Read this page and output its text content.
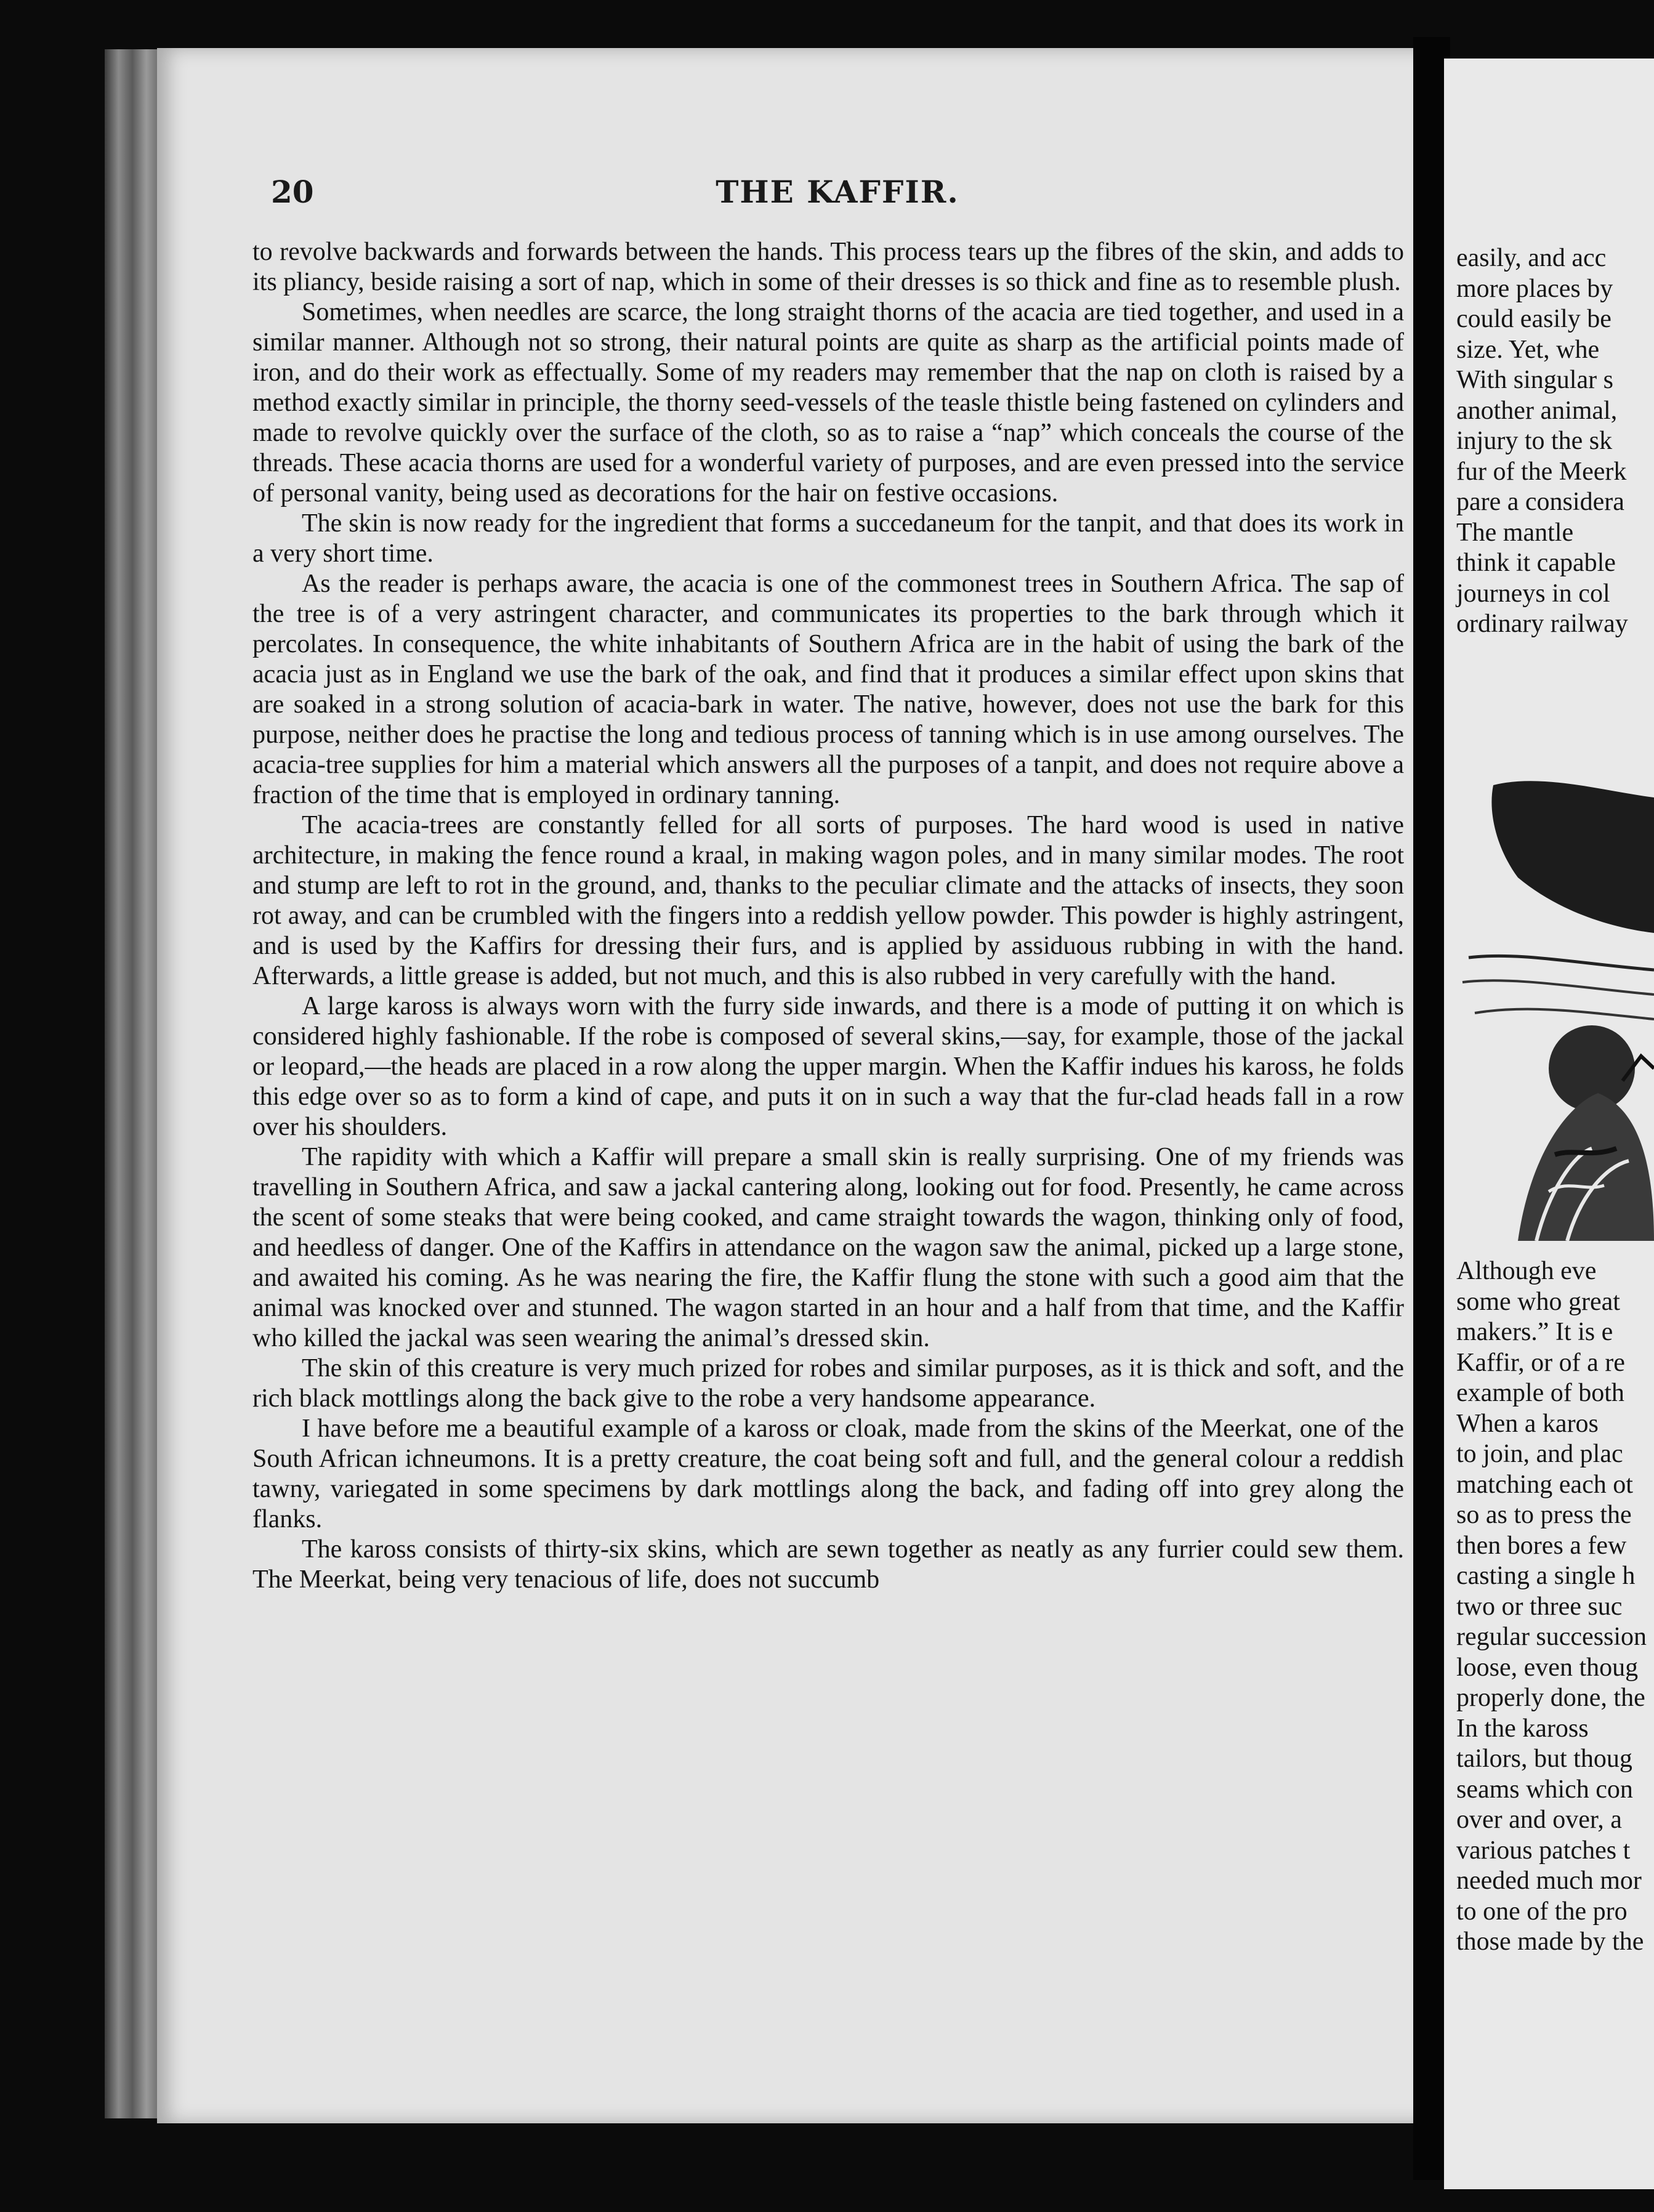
easily, and acc
more places by
could easily be
size. Yet, whe
With singular s
another animal,
injury to the sk
fur of the Meerk
pare a considera
The mantle
think it capable
journeys in col
ordinary railway
Although eve
some who great
makers.” It is e
Kaffir, or of a re
example of both
When a karos
to join, and plac
matching each ot
so as to press the
then bores a few
casting a single h
two or three suc
regular succession
loose, even thoug
properly done, the
In the kaross
tailors, but thoug
seams which con
over and over, a
various patches t
needed much mor
to one of the pro
those made by the
20	THE KAFFIR.

to revolve backwards and forwards between the hands. This process tears up the fibres of the skin, and adds to its pliancy, beside raising a sort of nap, which in some of their dresses is so thick and fine as to resemble plush.

Sometimes, when needles are scarce, the long straight thorns of the acacia are tied together, and used in a similar manner. Although not so strong, their natural points are quite as sharp as the artificial points made of iron, and do their work as effectually. Some of my readers may remember that the nap on cloth is raised by a method exactly similar in principle, the thorny seed-vessels of the teasle thistle being fastened on cylinders and made to revolve quickly over the surface of the cloth, so as to raise a “nap” which conceals the course of the threads. These acacia thorns are used for a wonderful variety of purposes, and are even pressed into the service of personal vanity, being used as decorations for the hair on festive occasions.

The skin is now ready for the ingredient that forms a succedaneum for the tanpit, and that does its work in a very short time.

As the reader is perhaps aware, the acacia is one of the commonest trees in Southern Africa. The sap of the tree is of a very astringent character, and communicates its properties to the bark through which it percolates. In consequence, the white inhabitants of Southern Africa are in the habit of using the bark of the acacia just as in England we use the bark of the oak, and find that it produces a similar effect upon skins that are soaked in a strong solution of acacia-bark in water. The native, however, does not use the bark for this purpose, neither does he practise the long and tedious process of tanning which is in use among ourselves. The acacia-tree supplies for him a material which answers all the purposes of a tanpit, and does not require above a fraction of the time that is employed in ordinary tanning.

The acacia-trees are constantly felled for all sorts of purposes. The hard wood is used in native architecture, in making the fence round a kraal, in making wagon poles, and in many similar modes. The root and stump are left to rot in the ground, and, thanks to the peculiar climate and the attacks of insects, they soon rot away, and can be crumbled with the fingers into a reddish yellow powder. This powder is highly astringent, and is used by the Kaffirs for dressing their furs, and is applied by assiduous rubbing in with the hand. Afterwards, a little grease is added, but not much, and this is also rubbed in very carefully with the hand.

A large kaross is always worn with the furry side inwards, and there is a mode of putting it on which is considered highly fashionable. If the robe is composed of several skins,—say, for example, those of the jackal or leopard,—the heads are placed in a row along the upper margin. When the Kaffir indues his kaross, he folds this edge over so as to form a kind of cape, and puts it on in such a way that the fur-clad heads fall in a row over his shoulders.

The rapidity with which a Kaffir will prepare a small skin is really surprising. One of my friends was travelling in Southern Africa, and saw a jackal cantering along, looking out for food. Presently, he came across the scent of some steaks that were being cooked, and came straight towards the wagon, thinking only of food, and heedless of danger. One of the Kaffirs in attendance on the wagon saw the animal, picked up a large stone, and awaited his coming. As he was nearing the fire, the Kaffir flung the stone with such a good aim that the animal was knocked over and stunned. The wagon started in an hour and a half from that time, and the Kaffir who killed the jackal was seen wearing the animal’s dressed skin.

The skin of this creature is very much prized for robes and similar purposes, as it is thick and soft, and the rich black mottlings along the back give to the robe a very handsome appearance.

I have before me a beautiful example of a kaross or cloak, made from the skins of the Meerkat, one of the South African ichneumons. It is a pretty creature, the coat being soft and full, and the general colour a reddish tawny, variegated in some specimens by dark mottlings along the back, and fading off into grey along the flanks.

The kaross consists of thirty-six skins, which are sewn together as neatly as any furrier could sew them. The Meerkat, being very tenacious of life, does not succumb
